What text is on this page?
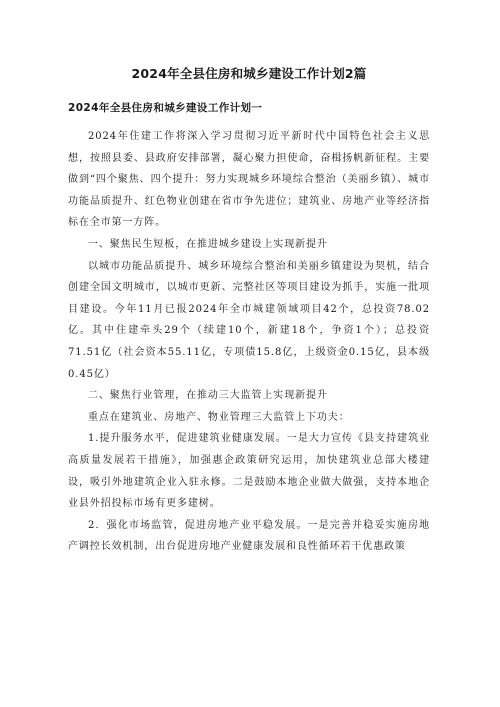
2024年全县住房和城乡建设工作计划2篇
2024年全县住房和城乡建设工作计划一

2024年住建工作将深入学习贯彻习近平新时代中国特色社会主义思想，按照县委、县政府安排部署，凝心聚力担使命，奋楫扬帆新征程。主要做到“四个聚焦、四个提升：努力实现城乡环境综合整治（美丽乡镇）、城市功能品质提升、红色物业创建在省市争先进位；建筑业、房地产业等经济指标在全市第一方阵。

一、聚焦民生短板，在推进城乡建设上实现新提升

以城市功能品质提升、城乡环境综合整治和美丽乡镇建设为契机，结合创建全国文明城市，以城市更新、完整社区等项目建设为抓手，实施一批项目建设。今年11月已报2024年全市城建领域项目42个，总投资78.02亿。其中住建牵头29个（续建10个，新建18个，争资1个）；总投资71.51亿（社会资本55.11亿，专项债15.8亿，上级资金0.15亿，县本级0.45亿）

二、聚焦行业管理，在推动三大监管上实现新提升

重点在建筑业、房地产、物业管理三大监管上下功夫：

1.提升服务水平，促进建筑业健康发展。一是大力宣传《县支持建筑业高质量发展若干措施》，加强惠企政策研究运用，加快建筑业总部大楼建设，吸引外地建筑企业入驻永修。二是鼓励本地企业做大做强，支持本地企业县外招投标市场有更多建树。

2．强化市场监管，促进房地产业平稳发展。一是完善并稳妥实施房地产调控长效机制，出台促进房地产业健康发展和良性循环若干优惠政策
